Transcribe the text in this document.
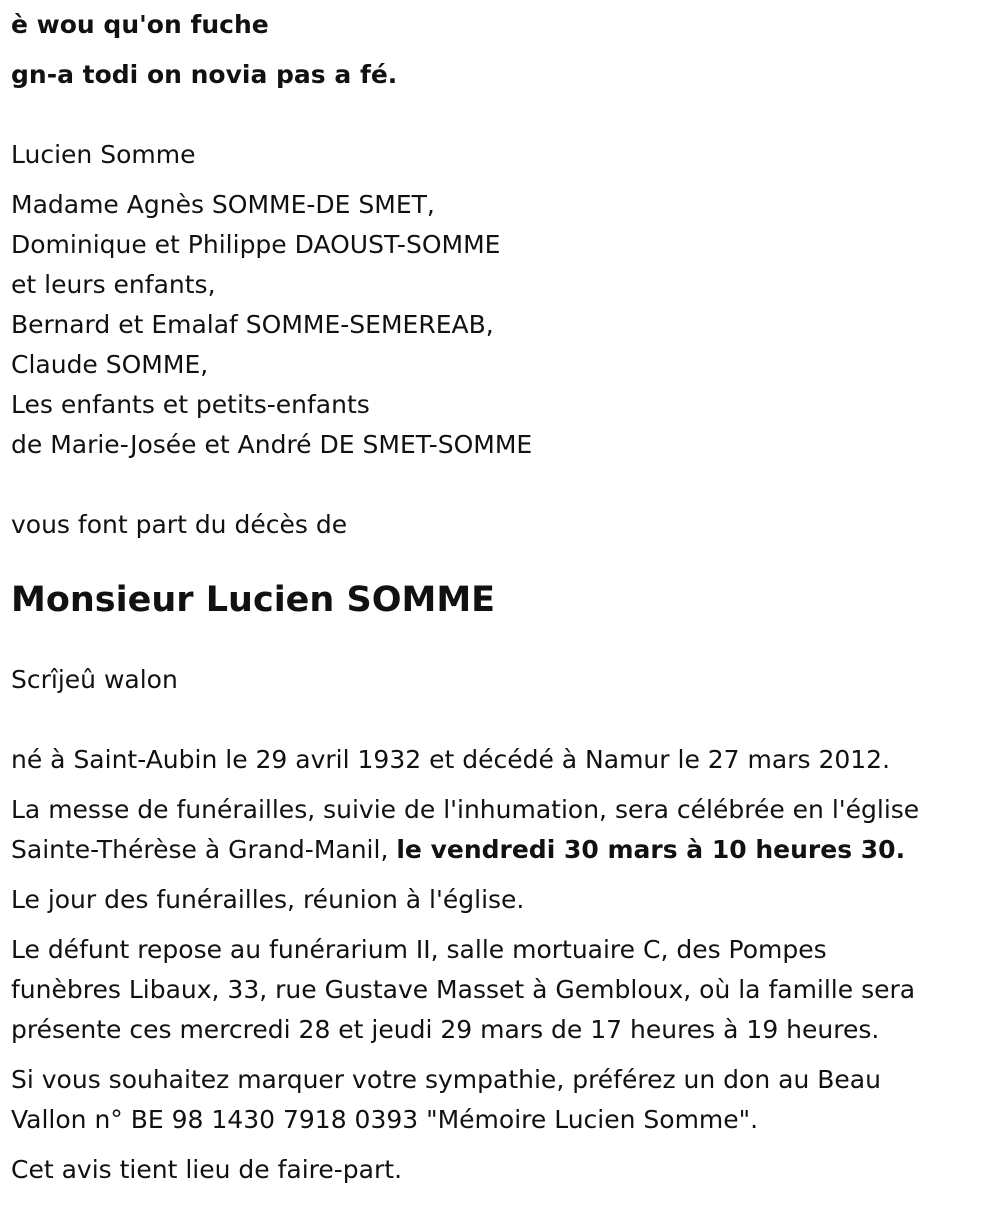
è wou qu'on fuche
gn-a todi on novia pas a fé.
Lucien Somme
Madame Agnès SOMME-DE SMET,
Dominique et Philippe DAOUST-SOMME
et leurs enfants,
Bernard et Emalaf SOMME-SEMEREAB,
Claude SOMME,
Les enfants et petits-enfants
de Marie-Josée et André DE SMET-SOMME
vous font part du décès de
Monsieur Lucien SOMME
Scrîjeû walon
né à Saint-Aubin le 29 avril 1932 et décédé à Namur le 27 mars 2012.
La messe de funérailles, suivie de l'inhumation, sera célébrée en l'église
Sainte-Thérèse à Grand-Manil, le vendredi 30 mars à 10 heures 30.
Le jour des funérailles, réunion à l'église.
Le défunt repose au funérarium II, salle mortuaire C, des Pompes
funèbres Libaux, 33, rue Gustave Masset à Gembloux, où la famille sera
présente ces mercredi 28 et jeudi 29 mars de 17 heures à 19 heures.
Si vous souhaitez marquer votre sympathie, préférez un don au Beau
Vallon n° BE 98 1430 7918 0393 "Mémoire Lucien Somme".
Cet avis tient lieu de faire-part.
